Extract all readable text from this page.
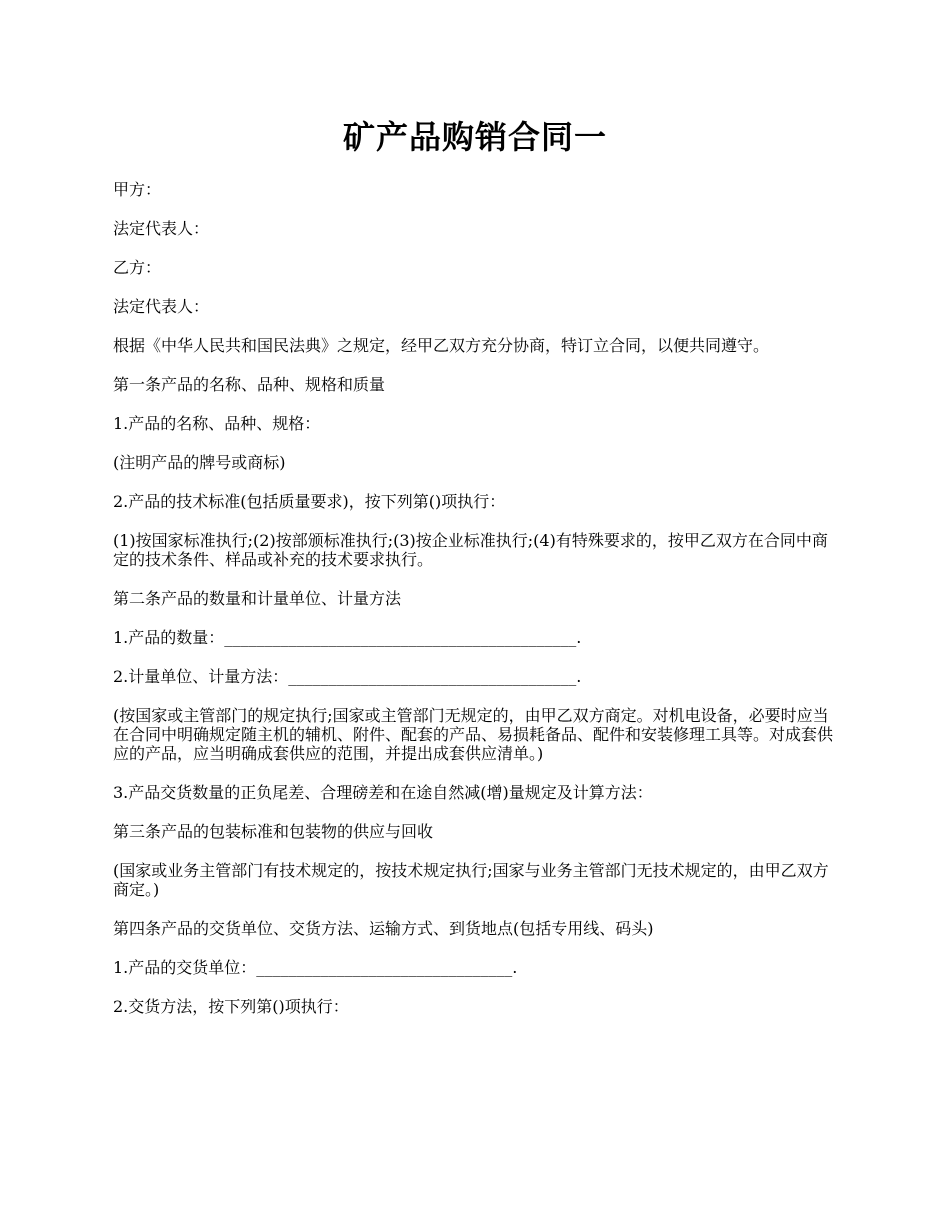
矿产品购销合同一

甲方：

法定代表人：

乙方：

法定代表人：

根据《中华人民共和国民法典》之规定，经甲乙双方充分协商，特订立合同，以便共同遵守。

第一条产品的名称、品种、规格和质量

1.产品的名称、品种、规格：

(注明产品的牌号或商标)

2.产品的技术标准(包括质量要求)，按下列第()项执行：

(1)按国家标准执行;(2)按部颁标准执行;(3)按企业标准执行;(4)有特殊要求的，按甲乙双方在合同中商定的技术条件、样品或补充的技术要求执行。

第二条产品的数量和计量单位、计量方法

1.产品的数量：____________________________________________.

2.计量单位、计量方法：____________________________________.

(按国家或主管部门的规定执行;国家或主管部门无规定的，由甲乙双方商定。对机电设备，必要时应当在合同中明确规定随主机的辅机、附件、配套的产品、易损耗备品、配件和安装修理工具等。对成套供应的产品，应当明确成套供应的范围，并提出成套供应清单。)

3.产品交货数量的正负尾差、合理磅差和在途自然减(增)量规定及计算方法：

第三条产品的包装标准和包装物的供应与回收

(国家或业务主管部门有技术规定的，按技术规定执行;国家与业务主管部门无技术规定的，由甲乙双方商定。)

第四条产品的交货单位、交货方法、运输方式、到货地点(包括专用线、码头)

1.产品的交货单位：________________________________.

2.交货方法，按下列第()项执行：
